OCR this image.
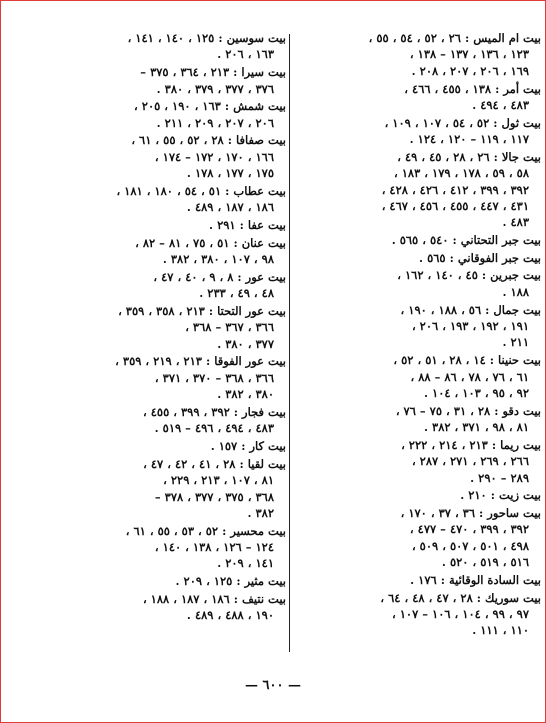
بيت ام الميس : ٢٦ ، ٥٢ ، ٥٤ ، ٥٥ ،
١٢٣ ، ١٣٦ ، ١٣٧ – ١٣٨ ،
١٦٩ ، ٢٠٦ ، ٢٠٧ ، ٢٠٨ .
بيت أمر : ١٣٨ ، ٤٥٥ ، ٤٦٦ ،
٤٨٣ ، ٤٩٤ .
بيت ثول : ٥٢ ، ٥٤ ، ١٠٧ ، ١٠٩ ،
١١٧ ، ١١٩ – ١٢٠ ، ١٢٤ .
بيت جالا : ٢٦ ، ٢٨ ، ٤٥ ، ٤٩ ،
٥٨ ، ٥٩ ، ١٧٨ ، ١٧٩ ، ١٨٣ ،
٣٩٢ ، ٣٩٩ ، ٤١٢ ، ٤٢٦ ، ٤٢٨ ،
٤٣١ ، ٤٤٧ ، ٤٥٥ ، ٤٥٦ ، ٤٦٧ ،
٤٨٣ .
بيت جبر التحتاني : ٥٤٠ ، ٥٦٥ .
بيت جبر الفوقاني : ٥٦٥ .
بيت جبرين : ٤٥ ، ١٤٠ ، ١٦٢ ،
١٨٨ .
بيت جمال : ٥٦ ، ١٨٨ ، ١٩٠ ،
١٩١ ، ١٩٢ ، ١٩٣ ، ٢٠٦ ،
٢١١ .
بيت حنينا : ١٤ ، ٢٨ ، ٥١ ، ٥٢ ،
٦١ ، ٧٦ ، ٧٨ ، ٨٦ – ٨٨ ،
٩٢ ، ٩٥ ، ١٠٣ ، ١٠٤ .
بيت دقو : ٢٨ ، ٣١ ، ٧٥ – ٧٦ ،
٨١ ، ٩٨ ، ٣٧١ ، ٣٨٢ .
بيت ريما : ٢١٣ ، ٢١٤ ، ٢٢٢ ،
٢٦٦ ، ٢٦٩ ، ٢٧١ ، ٢٨٧ ،
٢٨٩ – ٢٩٠ .
بيت زيت : ٢١٠ .
بيت ساحور : ٣٦ ، ٣٧ ، ١٧٠ ،
٣٩٢ ، ٣٩٩ ، ٤٧٠ – ٤٧٧ ،
٤٩٨ ، ٥٠١ ، ٥٠٧ ، ٥٠٩ ،
٥١٦ ، ٥١٩ ، ٥٢٠ .
بيت السادة الوقائية : ١٧٦ .
بيت سوريك : ٢٨ ، ٤٧ ، ٤٨ ، ٦٤ ،
٩٧ ، ٩٩ ، ١٠٤ ، ١٠٦ – ١٠٧ ،
١١٠ ، ١١١ .
بيت سوسين : ١٢٥ ، ١٤٠ ، ١٤١ ،
١٦٣ ، ٢٠٦ .
بيت سيرا : ٢١٣ ، ٣٦٤ ، ٣٧٥ –
٣٧٦ ، ٣٧٧ ، ٣٧٩ ، ٣٨٠ .
بيت شمش : ١٦٣ ، ١٩٠ ، ٢٠٥ ،
٢٠٦ ، ٢٠٧ ، ٢٠٩ ، ٢١١ .
بيت صفافا : ٢٨ ، ٥٢ ، ٥٥ ، ٦١ ،
١٦٦ ، ١٧٠ ، ١٧٢ – ١٧٤ ،
١٧٥ ، ١٧٧ ، ١٧٨ .
بيت عطاب : ٥١ ، ٥٤ ، ١٨٠ ، ١٨١ ،
١٨٦ ، ١٨٧ ، ٤٨٩ .
بيت عفا : ٢٩١ .
بيت عنان : ٥١ ، ٧٥ ، ٨١ – ٨٢ ،
٩٨ ، ١٠٧ ، ٣٨٠ ، ٣٨٢ .
بيت عور : ٨ ، ٩ ، ٤٠ ، ٤٧ ،
٤٨ ، ٤٩ ، ٢٣٣ .
بيت عور التحتا : ٢١٣ ، ٣٥٨ ، ٣٥٩ ،
٣٦٦ ، ٣٦٧ – ٣٦٨ ،
٣٧٧ ، ٣٨٠ .
بيت عور الفوقا : ٢١٣ ، ٢١٩ ، ٣٥٩ ،
٣٦٦ ، ٣٦٨ – ٣٧٠ ، ٣٧١ ،
٣٨٠ ، ٣٨٢ .
بيت فجار : ٣٩٢ ، ٣٩٩ ، ٤٥٥ ،
٤٨٣ ، ٤٩٤ ، ٤٩٦ – ٥١٩ .
بيت كار : ١٥٧ .
بيت لقيا : ٢٨ ، ٤١ ، ٤٢ ، ٤٧ ،
٨١ ، ١٠٧ ، ٢١٣ ، ٢٢٩ ،
٣٦٨ ، ٣٧٥ ، ٣٧٧ ، ٣٧٨ –
٣٨٢ .
بيت محسير : ٥٢ ، ٥٣ ، ٥٥ ، ٦١ ،
١٢٤ – ١٢٦ ، ١٣٨ ، ١٤٠ ،
١٤١ ، ٢٠٩ .
بيت مثير : ١٢٥ ، ٢٠٩ .
بيت نتيف : ١٨٦ ، ١٨٧ ، ١٨٨ ،
١٩٠ ، ٤٨٨ ، ٤٨٩ .
— ٦٠٠ —
